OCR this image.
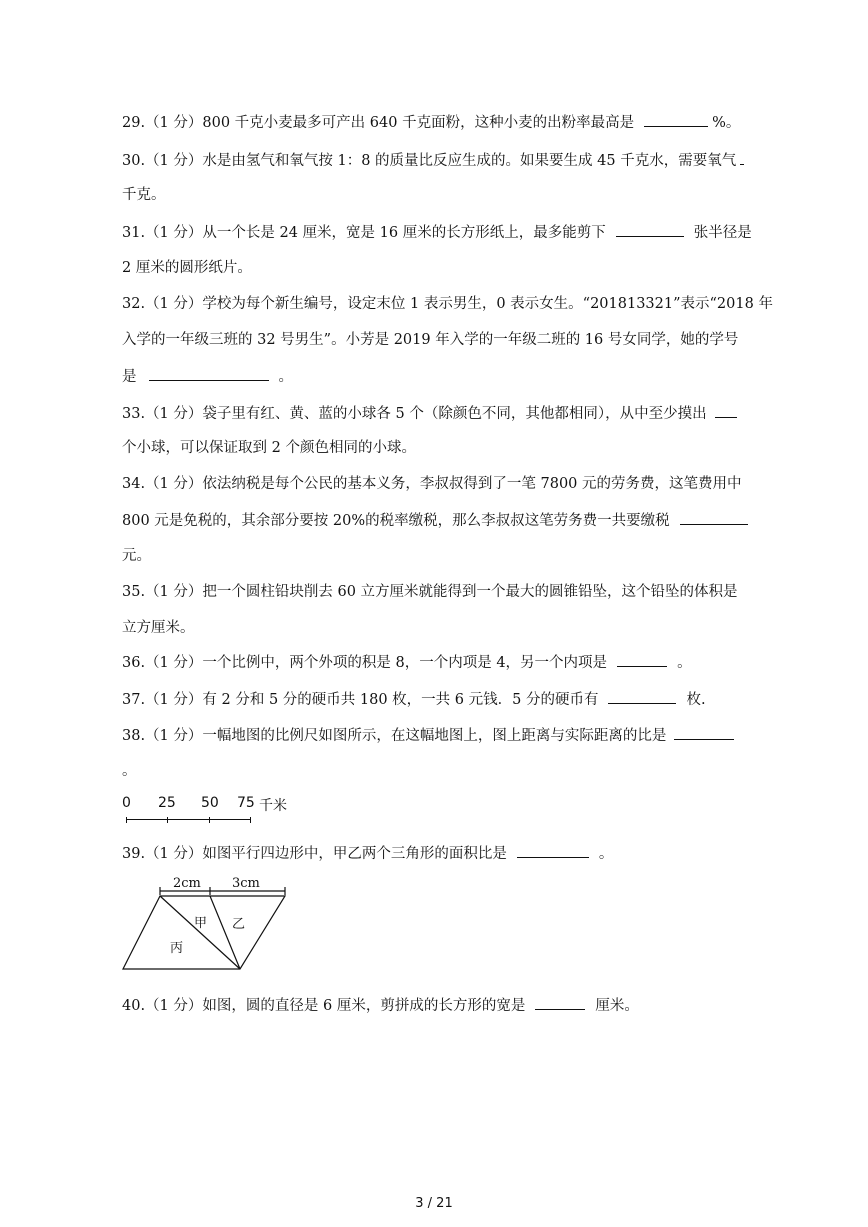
29.（1 分）800 千克小麦最多可产出 640 千克面粉，这种小麦的出粉率最高是	%。
30.（1 分）水是由氢气和氧气按 1：8 的质量比反应生成的。如果要生成 45 千克水，需要氧气
千克。
31.（1 分）从一个长是 24 厘米，宽是 16 厘米的长方形纸上，最多能剪下	张半径是
2 厘米的圆形纸片。
32.（1 分）学校为每个新生编号，设定末位 1 表示男生，0 表示女生。“201813321”表示“2018 年
入学的一年级三班的 32 号男生”。小芳是 2019 年入学的一年级二班的 16 号女同学，她的学号
是	。
33.（1 分）袋子里有红、黄、蓝的小球各 5 个（除颜色不同，其他都相同），从中至少摸出
个小球，可以保证取到 2 个颜色相同的小球。
34.（1 分）依法纳税是每个公民的基本义务，李叔叔得到了一笔 7800 元的劳务费，这笔费用中
800 元是免税的，其余部分要按 20%的税率缴税，那么李叔叔这笔劳务费一共要缴税
元。
35.（1 分）把一个圆柱铅块削去 60 立方厘米就能得到一个最大的圆锥铅坠，这个铅坠的体积是
立方厘米。
36.（1 分）一个比例中，两个外项的积是 8，一个内项是 4，另一个内项是	。
37.（1 分）有 2 分和 5 分的硬币共 180 枚，一共 6 元钱．5 分的硬币有	枚.
38.（1 分）一幅地图的比例尺如图所示，在这幅地图上，图上距离与实际距离的比是
。
0 25 50 75 千米
39.（1 分）如图平行四边形中，甲乙两个三角形的面积比是	。
2cm 3cm
甲 乙
丙
40.（1 分）如图，圆的直径是 6 厘米，剪拼成的长方形的宽是	厘米。
3 / 21
